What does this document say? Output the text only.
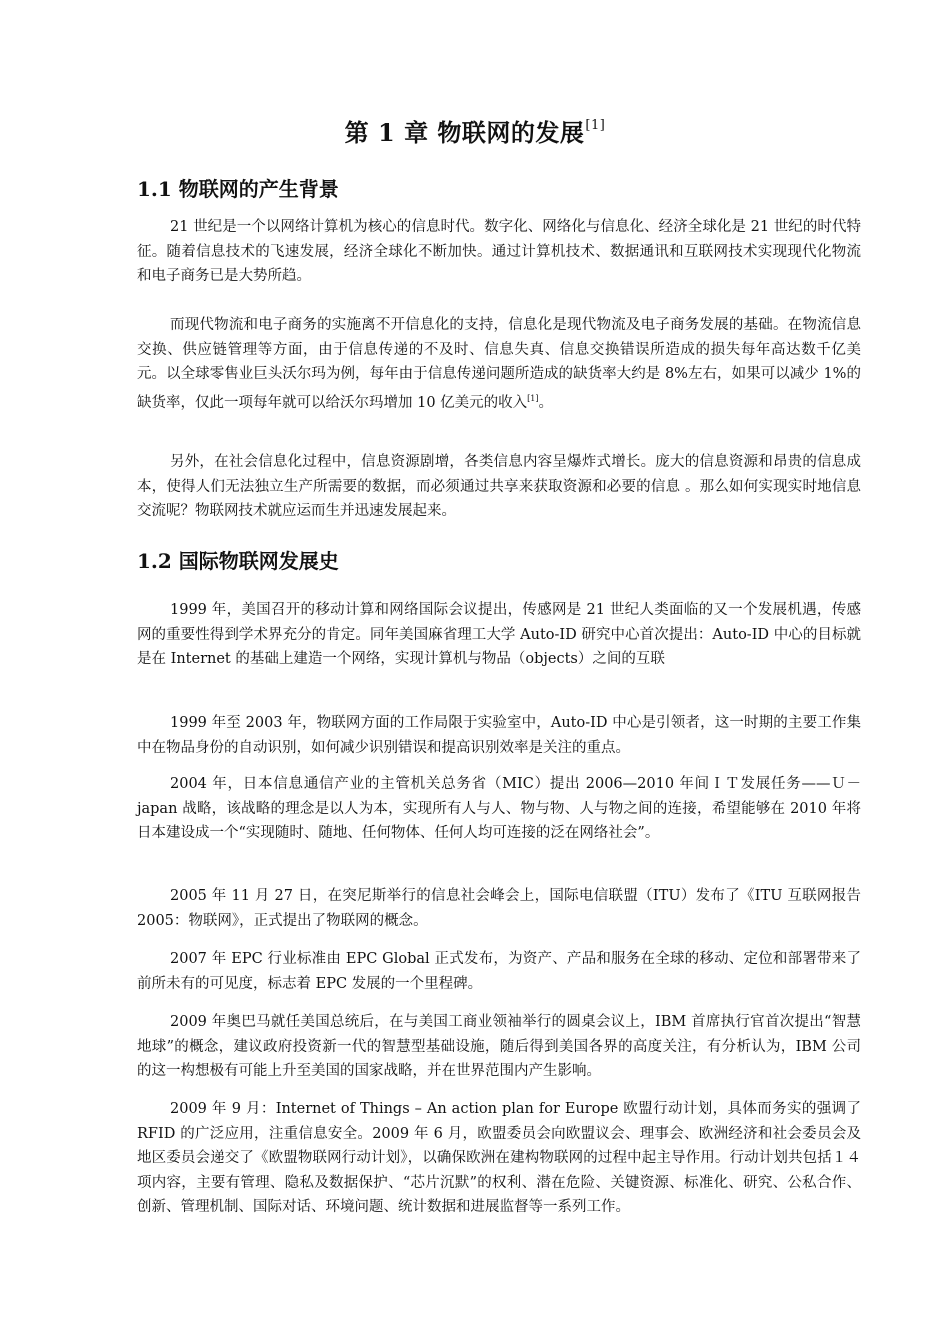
第 1 章 物联网的发展[1]
1.1 物联网的产生背景

21 世纪是一个以网络计算机为核心的信息时代。数字化、网络化与信息化、经济全球化是 21 世纪的时代特征。随着信息技术的飞速发展，经济全球化不断加快。通过计算机技术、数据通讯和互联网技术实现现代化物流和电子商务已是大势所趋。

而现代物流和电子商务的实施离不开信息化的支持，信息化是现代物流及电子商务发展的基础。在物流信息交换、供应链管理等方面，由于信息传递的不及时、信息失真、信息交换错误所造成的损失每年高达数千亿美元。以全球零售业巨头沃尔玛为例，每年由于信息传递问题所造成的缺货率大约是 8%左右，如果可以减少 1%的缺货率，仅此一项每年就可以给沃尔玛增加 10 亿美元的收入[1]。

另外，在社会信息化过程中，信息资源剧增，各类信息内容呈爆炸式增长。庞大的信息资源和昂贵的信息成本，使得人们无法独立生产所需要的数据，而必须通过共享来获取资源和必要的信息 。那么如何实现实时地信息交流呢？物联网技术就应运而生并迅速发展起来。

1.2 国际物联网发展史

1999 年，美国召开的移动计算和网络国际会议提出，传感网是 21 世纪人类面临的又一个发展机遇，传感网的重要性得到学术界充分的肯定。同年美国麻省理工大学 Auto-ID 研究中心首次提出：Auto-ID 中心的目标就是在 Internet 的基础上建造一个网络，实现计算机与物品（objects）之间的互联

1999 年至 2003 年，物联网方面的工作局限于实验室中，Auto-ID 中心是引领者，这一时期的主要工作集中在物品身份的自动识别，如何减少识别错误和提高识别效率是关注的重点。

2004 年，日本信息通信产业的主管机关总务省（MIC）提出 2006—2010 年间ＩＴ发展任务——Ｕ－japan 战略，该战略的理念是以人为本，实现所有人与人、物与物、人与物之间的连接，希望能够在 2010 年将日本建设成一个“实现随时、随地、任何物体、任何人均可连接的泛在网络社会”。

2005 年 11 月 27 日，在突尼斯举行的信息社会峰会上，国际电信联盟（ITU）发布了《ITU 互联网报告 2005：物联网》，正式提出了物联网的概念。

2007 年 EPC 行业标准由 EPC Global 正式发布，为资产、产品和服务在全球的移动、定位和部署带来了前所未有的可见度，标志着 EPC 发展的一个里程碑。

2009 年奥巴马就任美国总统后，在与美国工商业领袖举行的圆桌会议上，IBM 首席执行官首次提出“智慧地球”的概念，建议政府投资新一代的智慧型基础设施，随后得到美国各界的高度关注，有分析认为，IBM 公司的这一构想极有可能上升至美国的国家战略，并在世界范围内产生影响。

2009 年 9 月：Internet of Things – An action plan for Europe 欧盟行动计划，具体而务实的强调了 RFID 的广泛应用，注重信息安全。2009 年 6 月，欧盟委员会向欧盟议会、理事会、欧洲经济和社会委员会及地区委员会递交了《欧盟物联网行动计划》，以确保欧洲在建构物联网的过程中起主导作用。行动计划共包括１４项内容，主要有管理、隐私及数据保护、“芯片沉默”的权利、潜在危险、关键资源、标准化、研究、公私合作、创新、管理机制、国际对话、环境问题、统计数据和进展监督等一系列工作。
